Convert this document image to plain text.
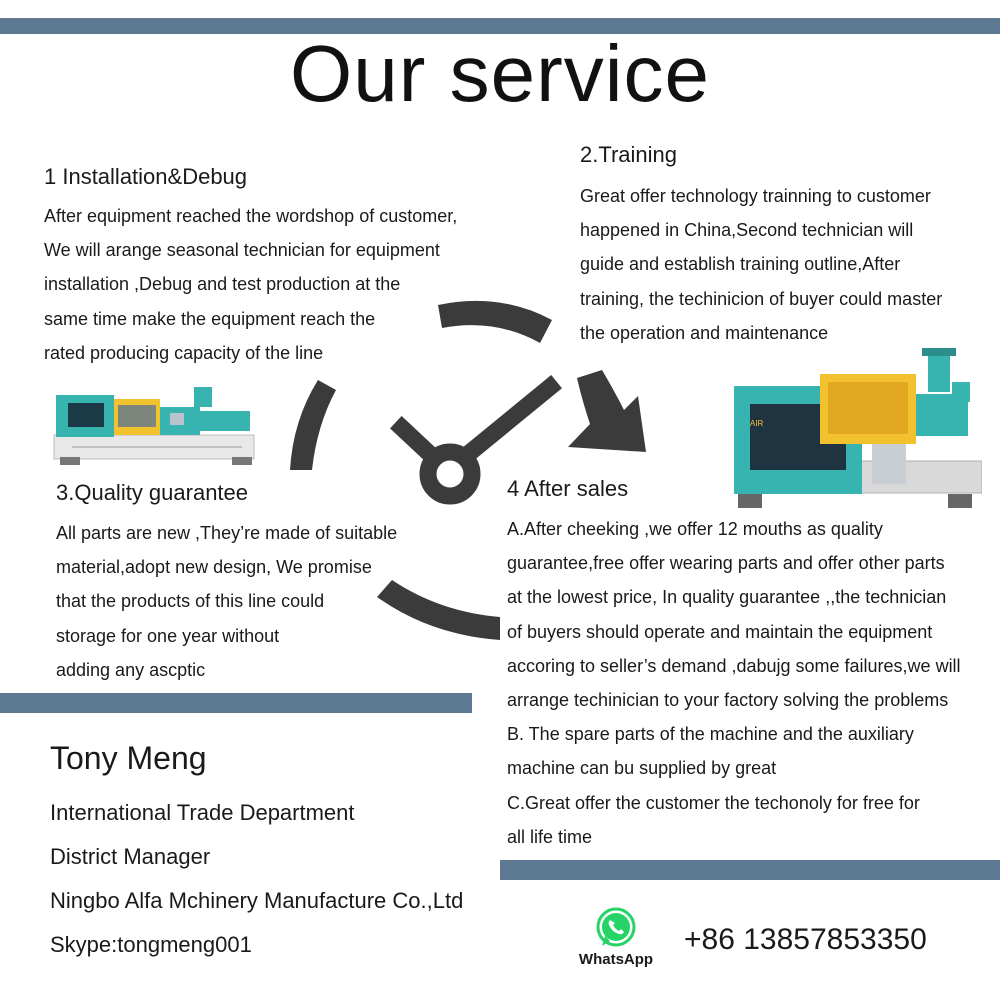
Our service
1 Installation&Debug
After equipment reached the wordshop of customer,
We will arange seasonal technician for equipment
installation ,Debug and test production at the
same time make the equipment reach the
rated producing capacity of the line
2.Training
Great offer technology trainning to customer
happened in China,Second technician will
guide and establish training outline,After
training, the techinicion of buyer could master
the operation and maintenance
AIR
3.Quality guarantee
All parts are new ,They’re made of suitable
material,adopt new design, We promise
that the products of this line could
storage for one year without
adding any ascptic
4 After sales
A.After cheeking ,we offer 12 mouths as quality
guarantee,free offer wearing parts and offer other parts
at the lowest price, In quality guarantee ,,the technician
of buyers should operate and maintain the equipment
accoring to seller’s demand ,dabujg some failures,we will
arrange techinician to your factory solving the problems
B. The spare parts of the machine and the auxiliary
machine can bu supplied by great
C.Great offer the customer the techonoly for free for
all life time
Tony Meng
International Trade Department
District Manager
Ningbo Alfa Mchinery Manufacture Co.,Ltd
Skype:tongmeng001
WhatsApp
+86 13857853350
